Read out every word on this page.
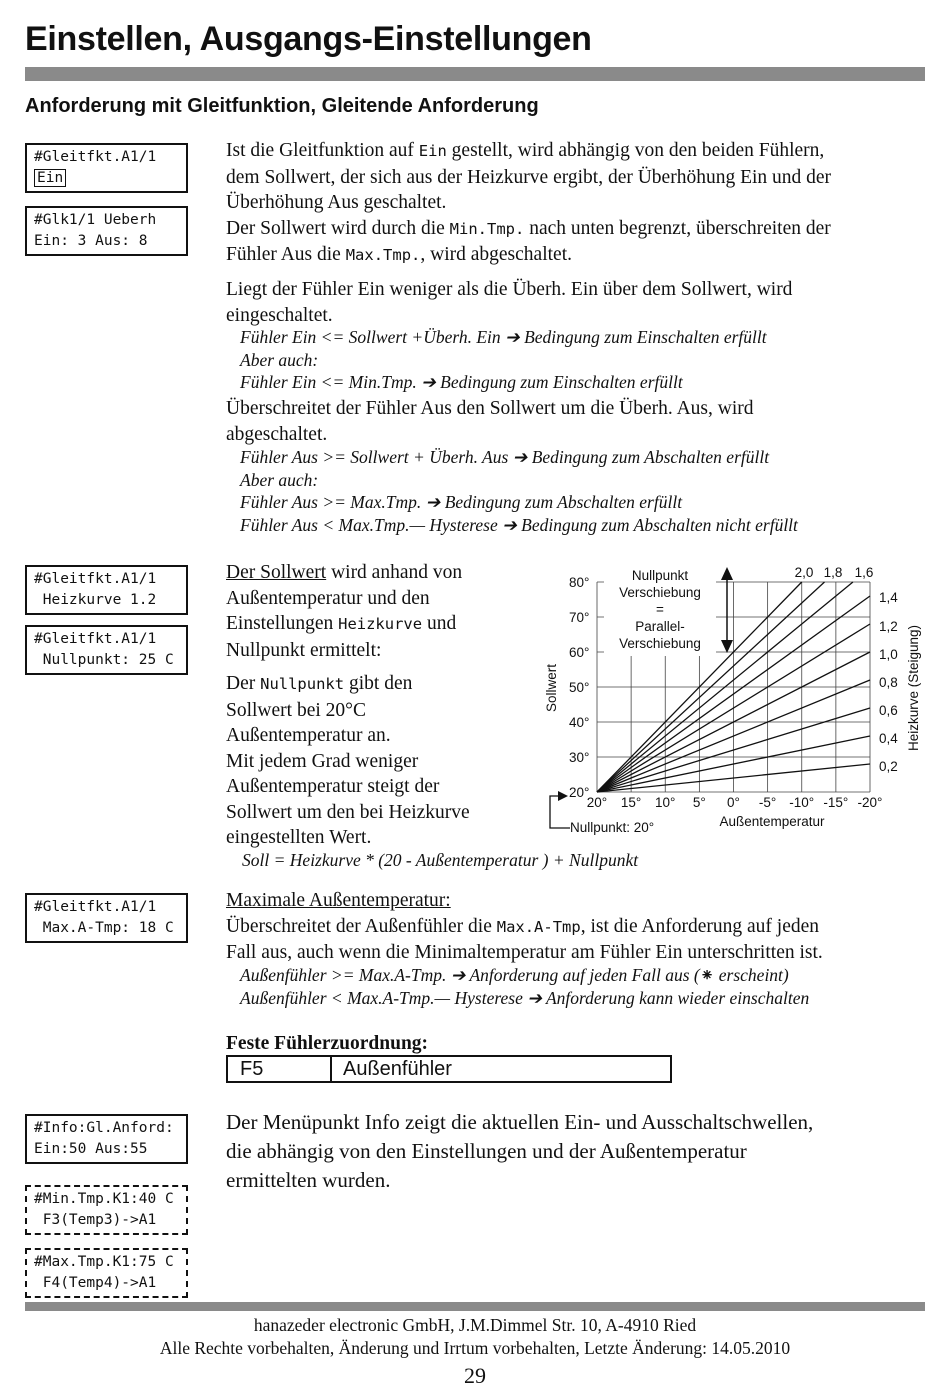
Einstellen, Ausgangs-Einstellungen
Anforderung mit Gleitfunktion, Gleitende Anforderung
#Gleitfkt.A1/1
Ein
#Glk1/1 Ueberh
Ein: 3 Aus: 8
#Gleitfkt.A1/1
Heizkurve 1.2
#Gleitfkt.A1/1
Nullpunkt: 25 C
#Gleitfkt.A1/1
Max.A-Tmp: 18 C
#Info:Gl.Anford:
Ein:50 Aus:55
#Min.Tmp.K1:40 C
F3(Temp3)->A1
#Max.Tmp.K1:75 C
F4(Temp4)->A1
Ist die Gleitfunktion auf Ein gestellt, wird abhängig von den beiden Fühlern,
dem Sollwert, der sich aus der Heizkurve ergibt, der Überhöhung Ein und der
Überhöhung Aus geschaltet.
Der Sollwert wird durch die Min.Tmp. nach unten begrenzt, überschreiten der
Fühler Aus die Max.Tmp., wird abgeschaltet.
Liegt der Fühler Ein weniger als die Überh. Ein über dem Sollwert, wird
eingeschaltet.
Fühler Ein <= Sollwert +Überh. Ein ➔ Bedingung zum Einschalten erfüllt
Aber auch:
Fühler Ein <= Min.Tmp. ➔ Bedingung zum Einschalten erfüllt
Überschreitet der Fühler Aus den Sollwert um die Überh. Aus, wird
abgeschaltet.
Fühler Aus >= Sollwert + Überh. Aus ➔ Bedingung zum Abschalten erfüllt
Aber auch:
Fühler Aus >= Max.Tmp. ➔ Bedingung zum Abschalten erfüllt
Fühler Aus < Max.Tmp.— Hysterese ➔ Bedingung zum Abschalten nicht erfüllt
Der Sollwert wird anhand von
Außentemperatur und den
Einstellungen Heizkurve und
Nullpunkt ermittelt:
Der Nullpunkt gibt den
Sollwert bei 20°C
Außentemperatur an.
Mit jedem Grad weniger
Außentemperatur steigt der
Sollwert um den bei Heizkurve
eingestellten Wert.
Soll = Heizkurve * (20 - Außentemperatur ) + Nullpunkt
20° 15° 10° 5° 0° -5° -10° -15° -20°
80°
70°
60°
50°
40°
30°
20°
Sollwert
Außentemperatur
2,0 1,8 1,6
1,4
1,2
1,0
0,8
0,6
0,4
0,2
Heizkurve (Steigung)
Nullpunkt
Verschiebung
=
Parallel-
Verschiebung
Nullpunkt: 20°
Maximale Außentemperatur:
Überschreitet der Außenfühler die Max.A-Tmp, ist die Anforderung auf jeden
Fall aus, auch wenn die Minimaltemperatur am Fühler Ein unterschritten ist.
Außenfühler >= Max.A-Tmp. ➔ Anforderung auf jeden Fall aus (⁕ erscheint)
Außenfühler < Max.A-Tmp.— Hysterese ➔ Anforderung kann wieder einschalten
Feste Fühlerzuordnung:
F5	Außenfühler
Der Menüpunkt Info zeigt die aktuellen Ein- und Ausschaltschwellen,
die abhängig von den Einstellungen und der Außentemperatur
ermittelten wurden.
hanazeder electronic GmbH, J.M.Dimmel Str. 10, A-4910 Ried
Alle Rechte vorbehalten, Änderung und Irrtum vorbehalten, Letzte Änderung: 14.05.2010
29
